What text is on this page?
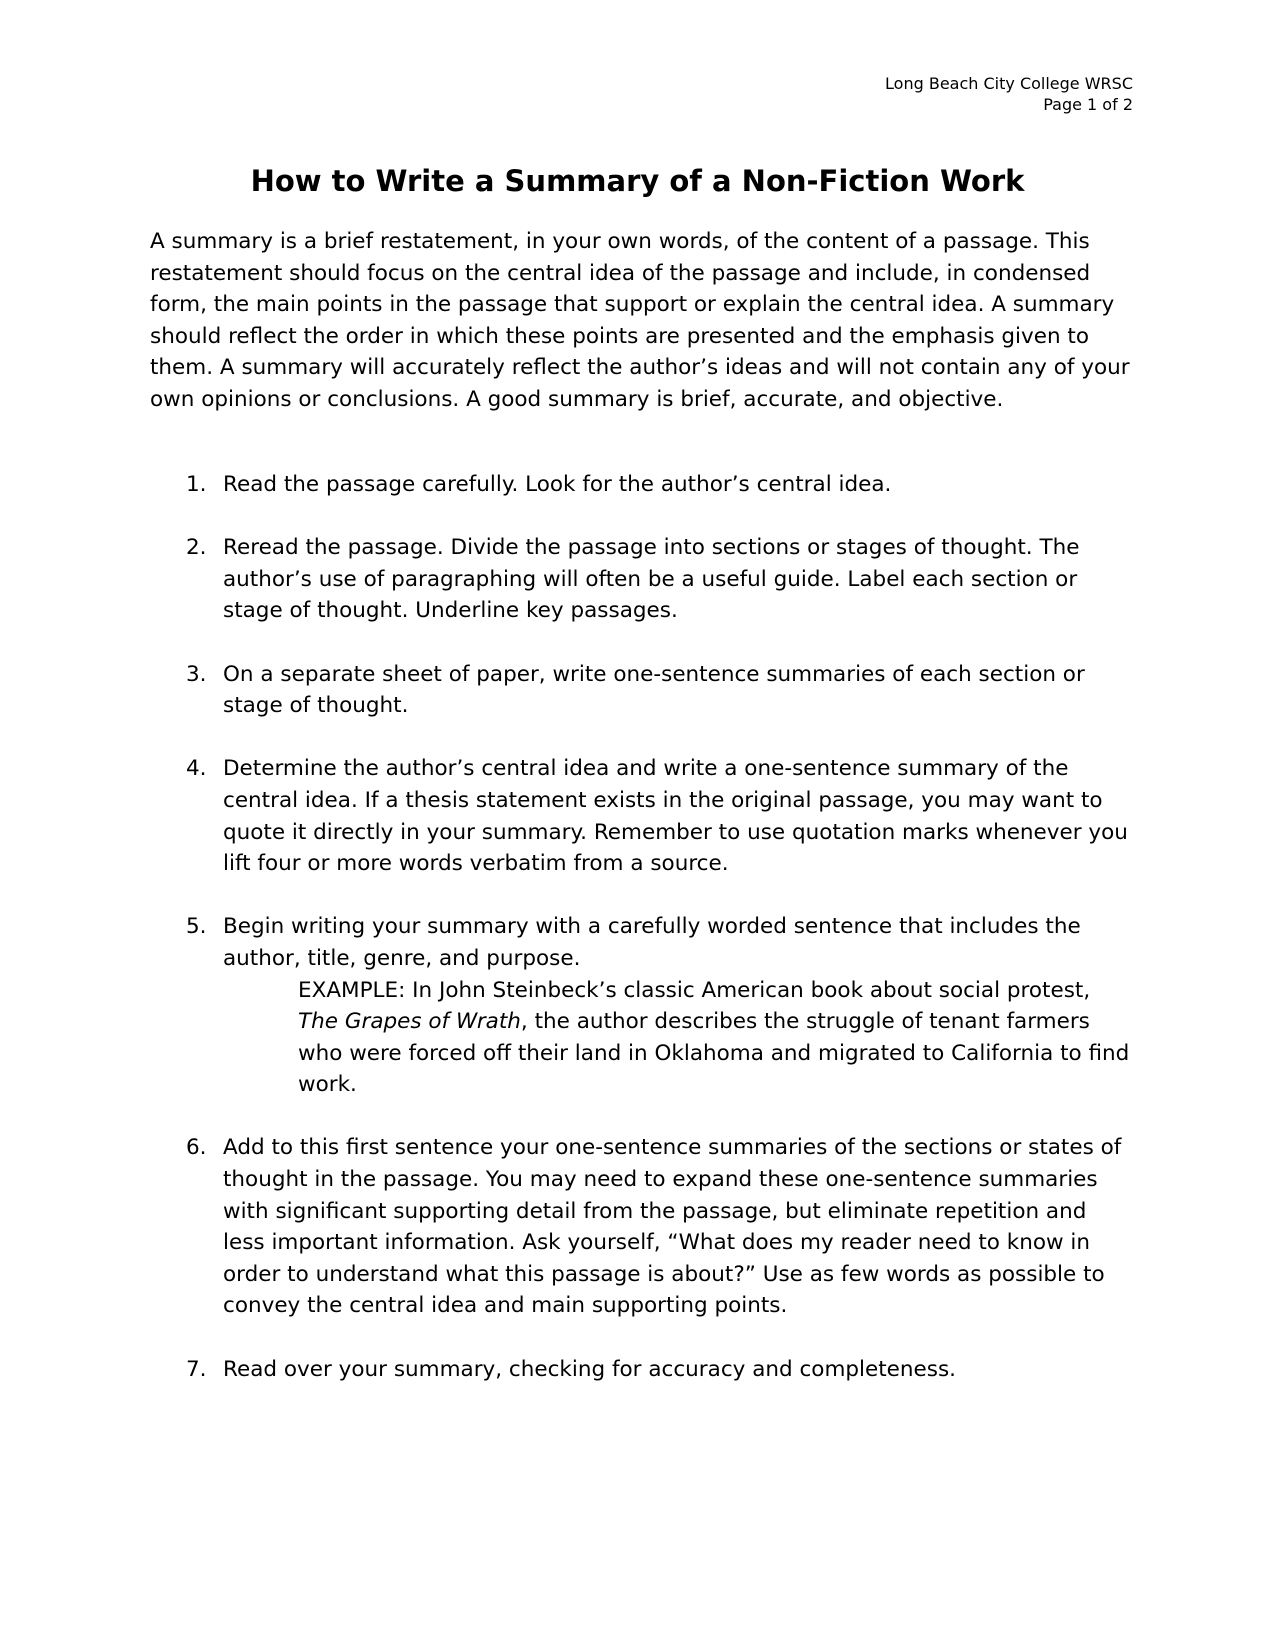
Long Beach City College WRSC
Page 1 of 2
How to Write a Summary of a Non-Fiction Work

A summary is a brief restatement, in your own words, of the content of a passage. This restatement should focus on the central idea of the passage and include, in condensed form, the main points in the passage that support or explain the central idea. A summary should reflect the order in which these points are presented and the emphasis given to them. A summary will accurately reflect the author’s ideas and will not contain any of your own opinions or conclusions. A good summary is brief, accurate, and objective.

1. Read the passage carefully. Look for the author’s central idea.
2. Reread the passage. Divide the passage into sections or stages of thought. The author’s use of paragraphing will often be a useful guide. Label each section or stage of thought. Underline key passages.
3. On a separate sheet of paper, write one-sentence summaries of each section or stage of thought.
4. Determine the author’s central idea and write a one-sentence summary of the central idea. If a thesis statement exists in the original passage, you may want to quote it directly in your summary. Remember to use quotation marks whenever you lift four or more words verbatim from a source.
5. Begin writing your summary with a carefully worded sentence that includes the author, title, genre, and purpose.
EXAMPLE: In John Steinbeck’s classic American book about social protest, The Grapes of Wrath, the author describes the struggle of tenant farmers who were forced off their land in Oklahoma and migrated to California to find work.
6. Add to this first sentence your one-sentence summaries of the sections or states of thought in the passage. You may need to expand these one-sentence summaries with significant supporting detail from the passage, but eliminate repetition and less important information. Ask yourself, “What does my reader need to know in order to understand what this passage is about?” Use as few words as possible to convey the central idea and main supporting points.
7. Read over your summary, checking for accuracy and completeness.
